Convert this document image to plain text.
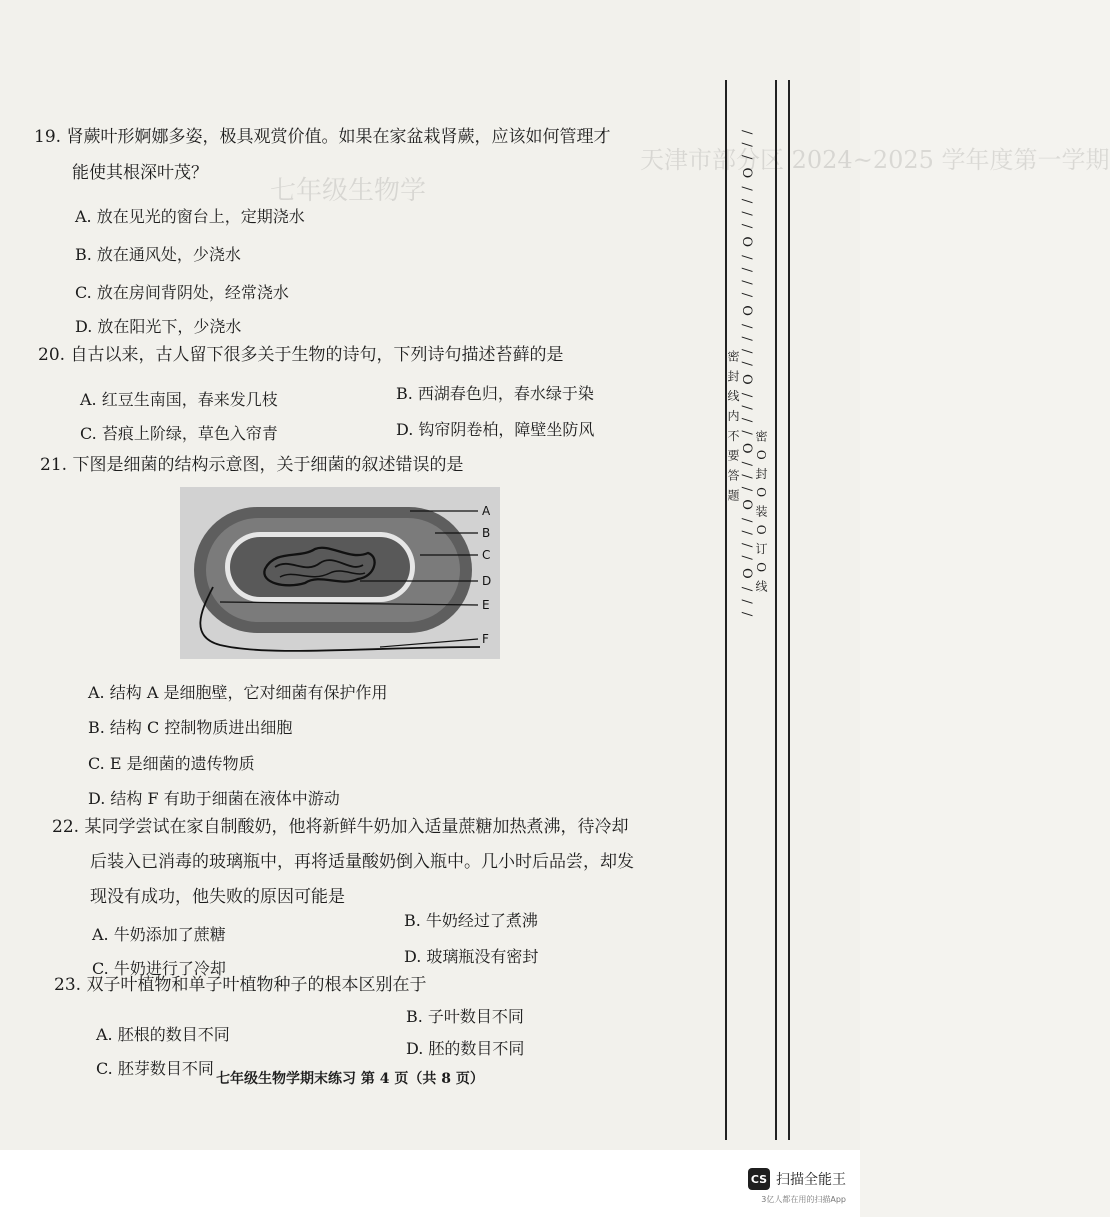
七年级生物学
天津市部分区 2024~2025 学年度第一学期
19. 肾蕨叶形婀娜多姿，极具观赏价值。如果在家盆栽肾蕨，应该如何管理才
能使其根深叶茂？
A. 放在见光的窗台上，定期浇水
B. 放在通风处，少浇水
C. 放在房间背阴处，经常浇水
D. 放在阳光下，少浇水
20. 自古以来，古人留下很多关于生物的诗句，下列诗句描述苔藓的是
A. 红豆生南国，春来发几枝	B. 西湖春色归，春水绿于染
C. 苔痕上阶绿，草色入帘青	D. 钩帘阴卷柏，障壁坐防风
21. 下图是细菌的结构示意图，关于细菌的叙述错误的是
A
B
C
D
E
F
A. 结构 A 是细胞壁，它对细菌有保护作用
B. 结构 C 控制物质进出细胞
C. E 是细菌的遗传物质
D. 结构 F 有助于细菌在液体中游动
22. 某同学尝试在家自制酸奶，他将新鲜牛奶加入适量蔗糖加热煮沸，待冷却
后装入已消毒的玻璃瓶中，再将适量酸奶倒入瓶中。几小时后品尝，却发
现没有成功，他失败的原因可能是
A. 牛奶添加了蔗糖
B. 牛奶经过了煮沸
C. 牛奶进行了冷却
D. 玻璃瓶没有密封
23. 双子叶植物和单子叶植物种子的根本区别在于
A. 胚根的数目不同
B. 子叶数目不同
C. 胚芽数目不同
D. 胚的数目不同
七年级生物学期末练习 第 4 页（共 8 页）
密 封 线 内 不 要 答 题
密 O 封 O 装 O 订 O 线
/ / / O / / / / O / / / / O / / / / O / / / / O / / / O / / / / O / / /
CS 扫描全能王
3亿人都在用的扫描App
